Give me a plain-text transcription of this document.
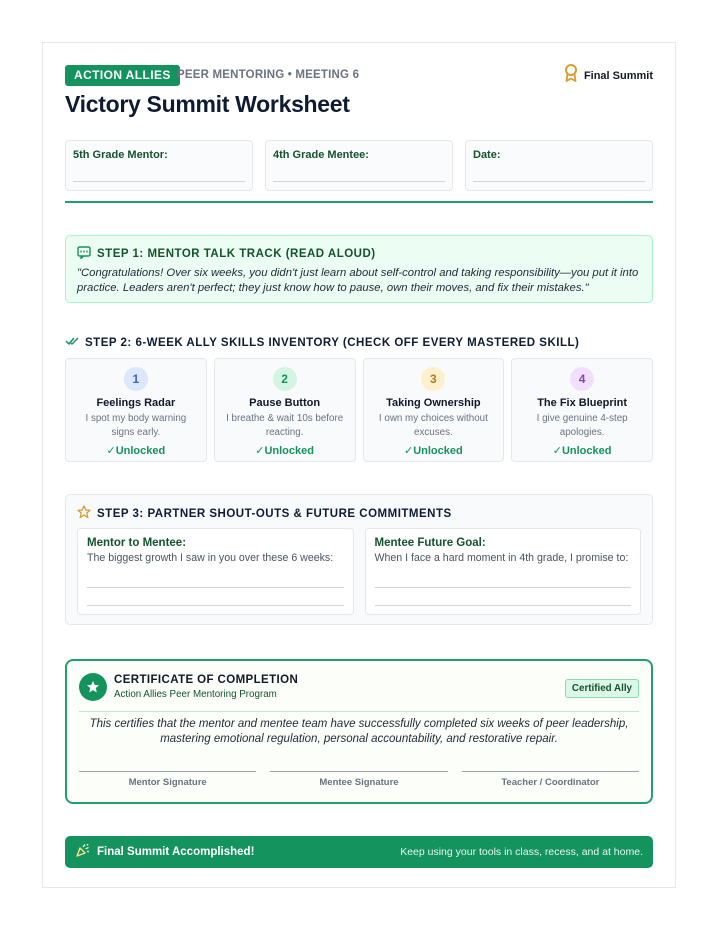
ACTION ALLIES PEER MENTORING • MEETING 6	Final Summit
Victory Summit Worksheet
5th Grade Mentor:	4th Grade Mentee:	Date:
STEP 1: MENTOR TALK TRACK (READ ALOUD)
"Congratulations! Over six weeks, you didn't just learn about self-control and taking responsibility—you put it into practice. Leaders aren't perfect; they just know how to pause, own their moves, and fix their mistakes."
STEP 2: 6-WEEK ALLY SKILLS INVENTORY (CHECK OFF EVERY MASTERED SKILL)
1
Feelings Radar
I spot my body warning signs early.
✓Unlocked
2
Pause Button
I breathe & wait 10s before reacting.
✓Unlocked
3
Taking Ownership
I own my choices without excuses.
✓Unlocked
4
The Fix Blueprint
I give genuine 4-step apologies.
✓Unlocked
STEP 3: PARTNER SHOUT-OUTS & FUTURE COMMITMENTS
Mentor to Mentee:
The biggest growth I saw in you over these 6 weeks:
Mentee Future Goal:
When I face a hard moment in 4th grade, I promise to:
CERTIFICATE OF COMPLETION
Action Allies Peer Mentoring Program
Certified Ally
This certifies that the mentor and mentee team have successfully completed six weeks of peer leadership, mastering emotional regulation, personal accountability, and restorative repair.
Mentor Signature	Mentee Signature	Teacher / Coordinator
Final Summit Accomplished!	Keep using your tools in class, recess, and at home.
